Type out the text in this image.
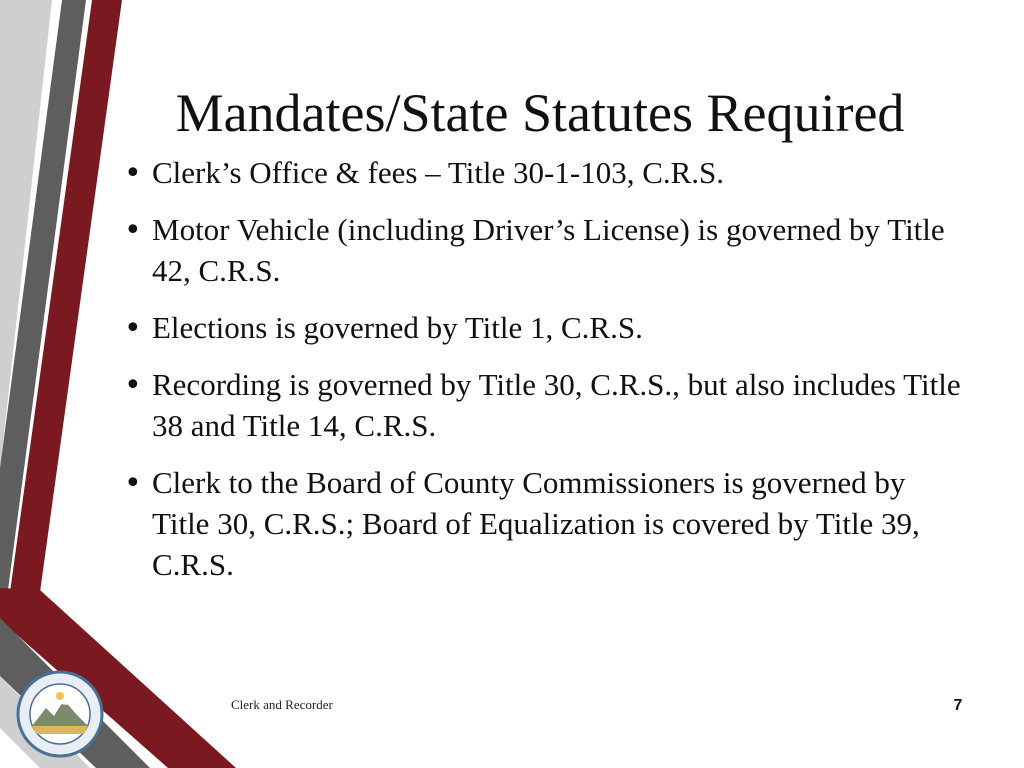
Mandates/State Statutes Required
• Clerk’s Office & fees – Title 30-1-103, C.R.S.
• Motor Vehicle (including Driver’s License) is governed by Title 42, C.R.S.
• Elections is governed by Title 1, C.R.S.
• Recording is governed by Title 30, C.R.S., but also includes Title 38 and Title 14, C.R.S.
• Clerk to the Board of County Commissioners is governed by Title 30, C.R.S.; Board of Equalization is covered by Title 39, C.R.S.
Clerk and Recorder	7
